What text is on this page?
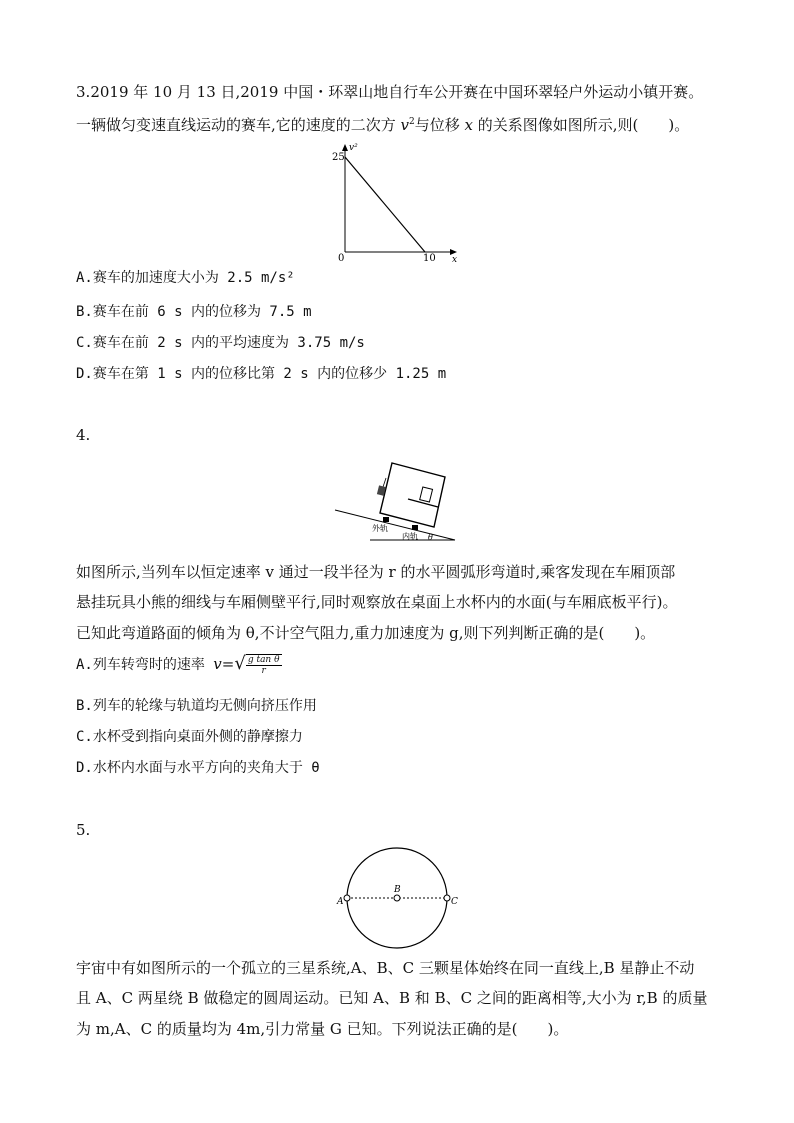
3.2019 年 10 月 13 日,2019 中国・环翠山地自行车公开赛在中国环翠轻户外运动小镇开赛。
一辆做匀变速直线运动的赛车,它的速度的二次方 $v^2$与位移 x 的关系图像如图所示,则(　　)。
v²
25
0	10 x
A.赛车的加速度大小为 2.5 m/s²
B.赛车在前 6 s 内的位移为 7.5 m
C.赛车在前 2 s 内的平均速度为 3.75 m/s
D.赛车在第 1 s 内的位移比第 2 s 内的位移少 1.25 m
4.
外轨
内轨 θ
如图所示,当列车以恒定速率 v 通过一段半径为 r 的水平圆弧形弯道时,乘客发现在车厢顶部
悬挂玩具小熊的细线与车厢侧壁平行,同时观察放在桌面上水杯内的水面(与车厢底板平行)。
已知此弯道路面的倾角为 θ,不计空气阻力,重力加速度为 g,则下列判断正确的是(　　)。
A.列车转弯时的速率 $v=√ \frac{\text{g tan θ}}{r}$
B.列车的轮缘与轨道均无侧向挤压作用
C.水杯受到指向桌面外侧的静摩擦力
D.水杯内水面与水平方向的夹角大于 θ
5.
A
B
C
宇宙中有如图所示的一个孤立的三星系统,A、B、C 三颗星体始终在同一直线上,B 星静止不动
且 A、C 两星绕 B 做稳定的圆周运动。已知 A、B 和 B、C 之间的距离相等,大小为 r,B 的质量
为 m,A、C 的质量均为 4m,引力常量 G 已知。下列说法正确的是(　　)。
